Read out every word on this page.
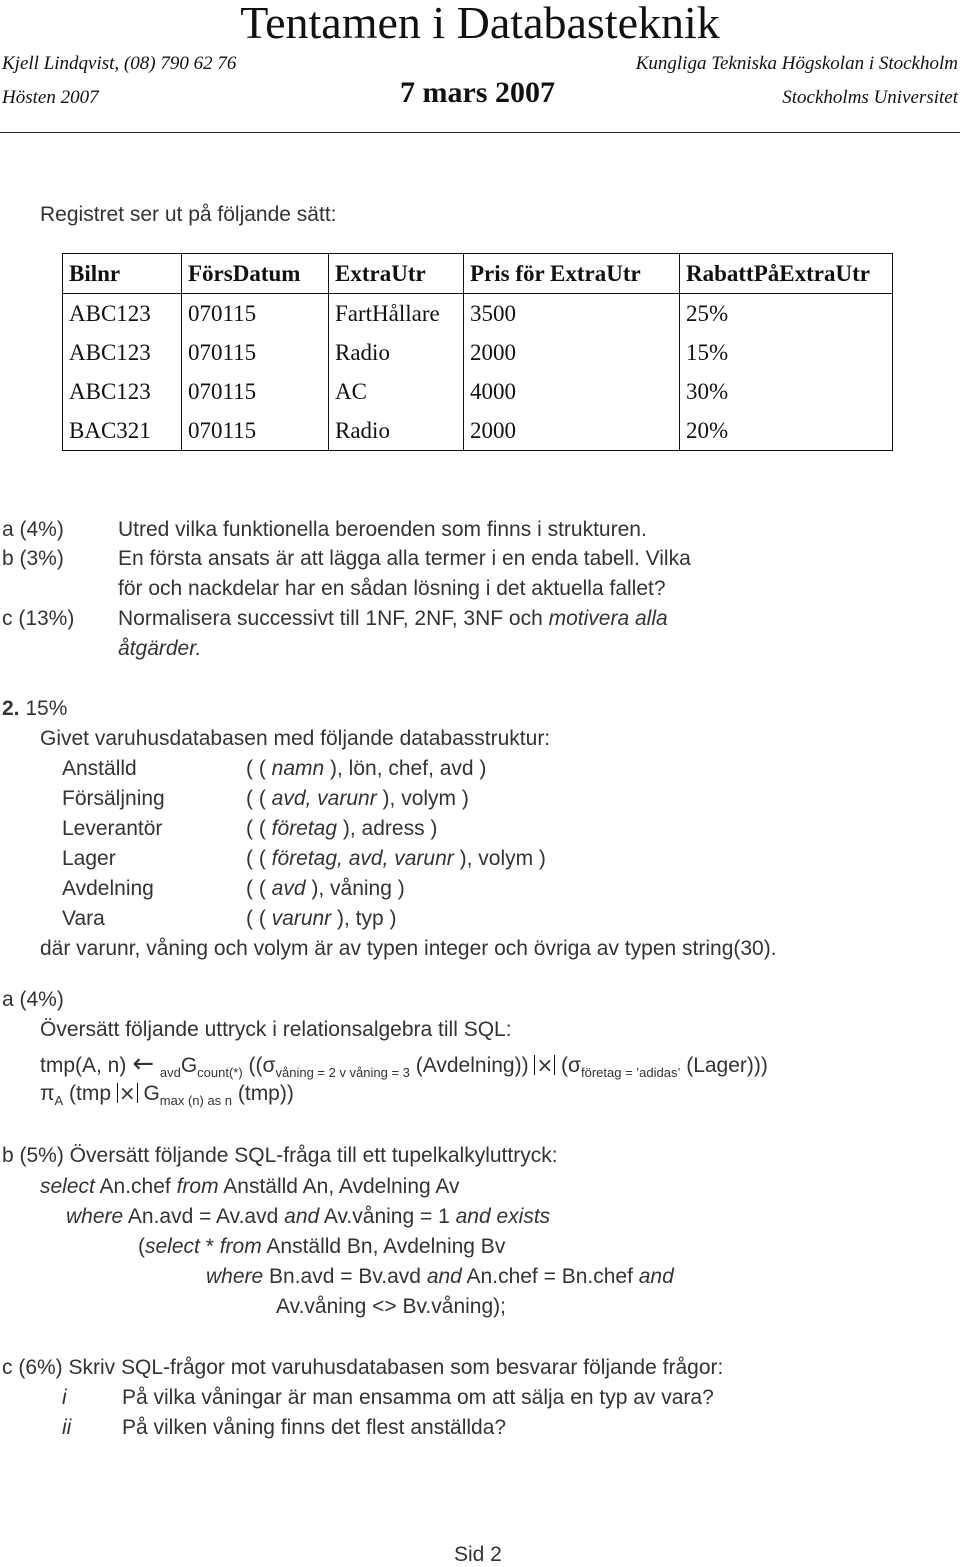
Tentamen i Databasteknik
Kjell Lindqvist, (08) 790 62 76	Kungliga Tekniska Högskolan i Stockholm
Hösten 2007	7 mars 2007	Stockholms Universitet
Registret ser ut på följande sätt:
Bilnr	FörsDatum	ExtraUtr	Pris för ExtraUtr	RabattPåExtraUtr
ABC123	070115	FartHållare	3500	25%
ABC123	070115	Radio	2000	15%
ABC123	070115	AC	4000	30%
BAC321	070115	Radio	2000	20%
a (4%)	Utred vilka funktionella beroenden som finns i strukturen.
b (3%)	En första ansats är att lägga alla termer i en enda tabell. Vilka
för och nackdelar har en sådan lösning i det aktuella fallet?
c (13%) Normalisera successivt till 1NF, 2NF, 3NF och motivera alla
åtgärder.
2. 15%
Givet varuhusdatabasen med följande databasstruktur:
Anställd	( ( namn ), lön, chef, avd )
Försäljning	( ( avd, varunr ), volym )
Leverantör	( ( företag ), adress )
Lager	( ( företag, avd, varunr ), volym )
Avdelning	( ( avd ), våning )
Vara	( ( varunr ), typ )
där varunr, våning och volym är av typen integer och övriga av typen string(30).
a (4%)
Översätt följande uttryck i relationsalgebra till SQL:
tmp(A, n) ← $_{avd}G_{count(*)}$ (($\sigma_{våning = 2 v våning = 3}$ (Avdelning)) × ($\sigma_{företag = ’adidas’}$ (Lager)))
$\pi_A$ ($tmp \times G_{max (n) as n}$ (tmp))
b (5%) Översätt följande SQL-fråga till ett tupelkalkyluttryck:
select An.chef from Anställd An, Avdelning Av
where An.avd = Av.avd and Av.våning = 1 and exists
(select * from Anställd Bn, Avdelning Bv
where Bn.avd = Bv.avd and An.chef = Bn.chef and
Av.våning <> Bv.våning);
c (6%) Skriv SQL-frågor mot varuhusdatabasen som besvarar följande frågor:
i	På vilka våningar är man ensamma om att sälja en typ av vara?
ii På vilken våning finns det flest anställda?
Sid 2
